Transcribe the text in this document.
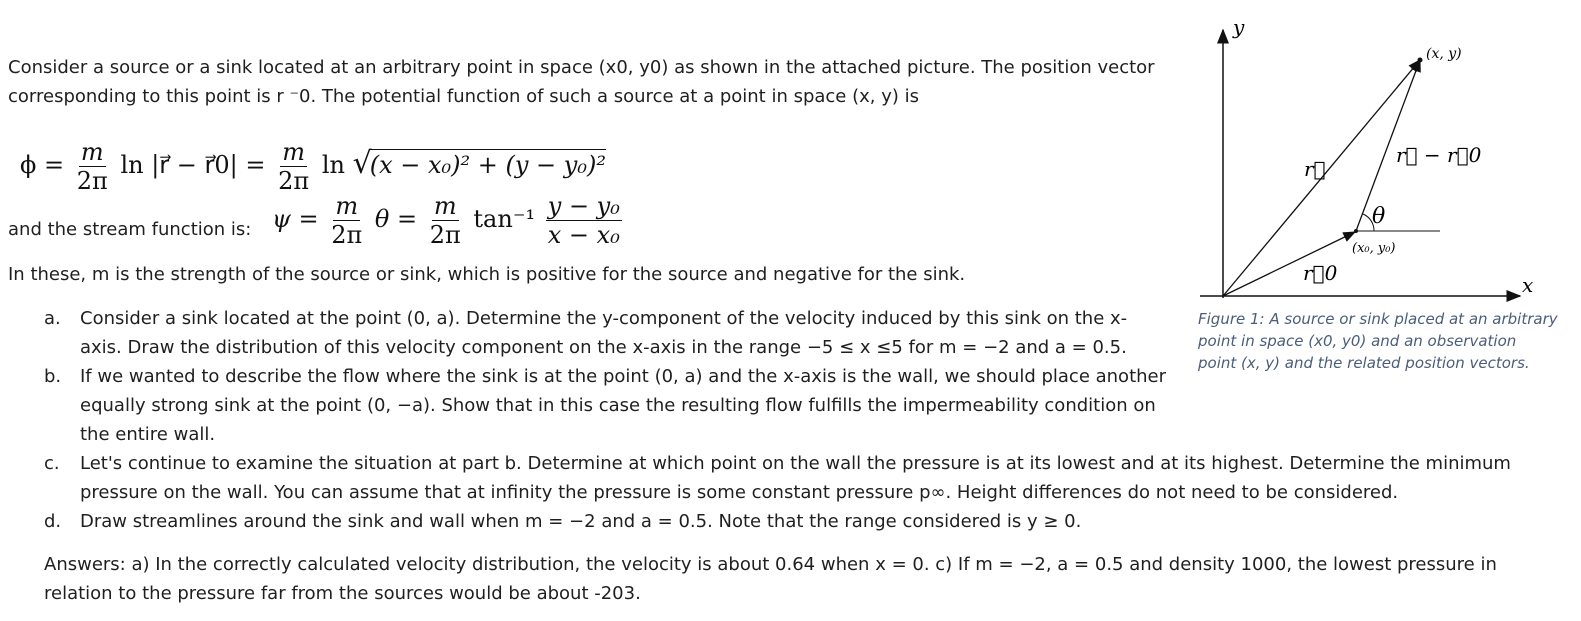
Consider a source or a sink located at an arbitrary point in space (x0, y0) as shown in the attached picture. The position vector
corresponding to this point is r ⁻0. The potential function of such a source at a point in space (x, y) is

$\phi = \frac{m}{2\pi}$ ln |r⃗ − r⃗0| = $\frac{m}{2\pi}$ ln √(x − x₀)² + (y − y₀)²
and the stream function is: $\psi = \frac{m}{2\pi}$ $\theta = \frac{m}{2\pi} \tan^{-1} \frac{\text{y − y₀}}{\text{x − x₀}}$

In these, m is the strength of the source or sink, which is positive for the source and negative for the sink.

a. Consider a sink located at the point (0, a). Determine the y-component of the velocity induced by this sink on the x-axis. Draw the distribution of this velocity component on the x-axis in the range −5 ≤ x ≤5 for m = −2 and a = 0.5.
b. If we wanted to describe the flow where the sink is at the point (0, a) and the x-axis is the wall, we should place another equally strong sink at the point (0, −a). Show that in this case the resulting flow fulfills the impermeability condition on the entire wall.
c. Let's continue to examine the situation at part b. Determine at which point on the wall the pressure is at its lowest and at its highest. Determine the minimum pressure on the wall. You can assume that at infinity the pressure is some constant pressure p∞. Height differences do not need to be considered.
d. Draw streamlines around the sink and wall when m = −2 and a = 0.5. Note that the range considered is y ≥ 0.

Answers: a) In the correctly calculated velocity distribution, the velocity is about 0.64 when x = 0. c) If m = −2, a = 0.5 and density 1000, the lowest pressure in relation to the pressure far from the sources would be about -203.

y
x
(x, y)
(x₀, y₀)
r⃗
r⃗0
r⃗ − r⃗0
θ
Figure 1: A source or sink placed at an arbitrary point in space (x0, y0) and an observation point (x, y) and the related position vectors.
